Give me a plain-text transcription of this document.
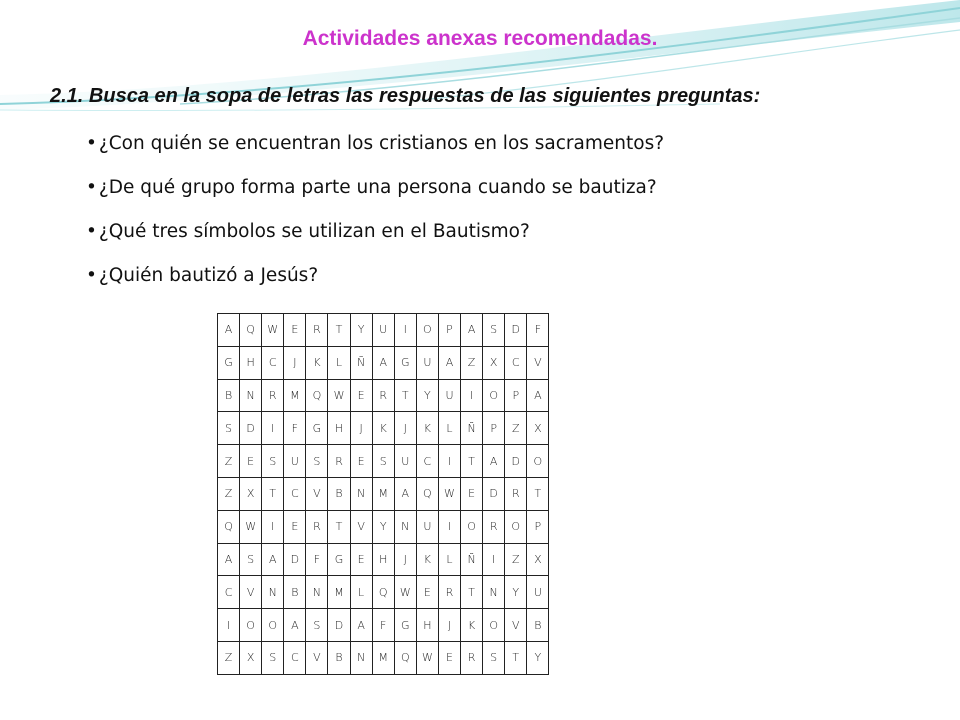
Actividades anexas recomendadas.
2.1. Busca en la sopa de letras las respuestas de las siguientes preguntas:
• ¿Con quién se encuentran los cristianos en los sacramentos?
• ¿De qué grupo forma parte una persona cuando se bautiza?
• ¿Qué tres símbolos se utilizan en el Bautismo?
• ¿Quién bautizó a Jesús?
A	Q	W	E	R	T	Y	U	I	O	P	A	S	D	F
G	H	C	J	K	L	Ñ	A	G	U	A	Z	X	C	V
B	N	R	M	Q	W	E	R	T	Y	U	I	O	P	A
S	D	I	F	G	H	J	K	J	K	L	Ñ	P	Z	X
Z	E	S	U	S	R	E	S	U	C	I	T	A	D	O
Z	X	T	C	V	B	N	M	A	Q	W	E	D	R	T
Q	W	I	E	R	T	V	Y	N	U	I	O	R	O	P
A	S	A	D	F	G	E	H	J	K	L	Ñ	I	Z	X
C	V	N	B	N	M	L	Q	W	E	R	T	N	Y	U
I	O	O	A	S	D	A	F	G	H	J	K	O	V	B
Z	X	S	C	V	B	N	M	Q	W	E	R	S	T	Y
